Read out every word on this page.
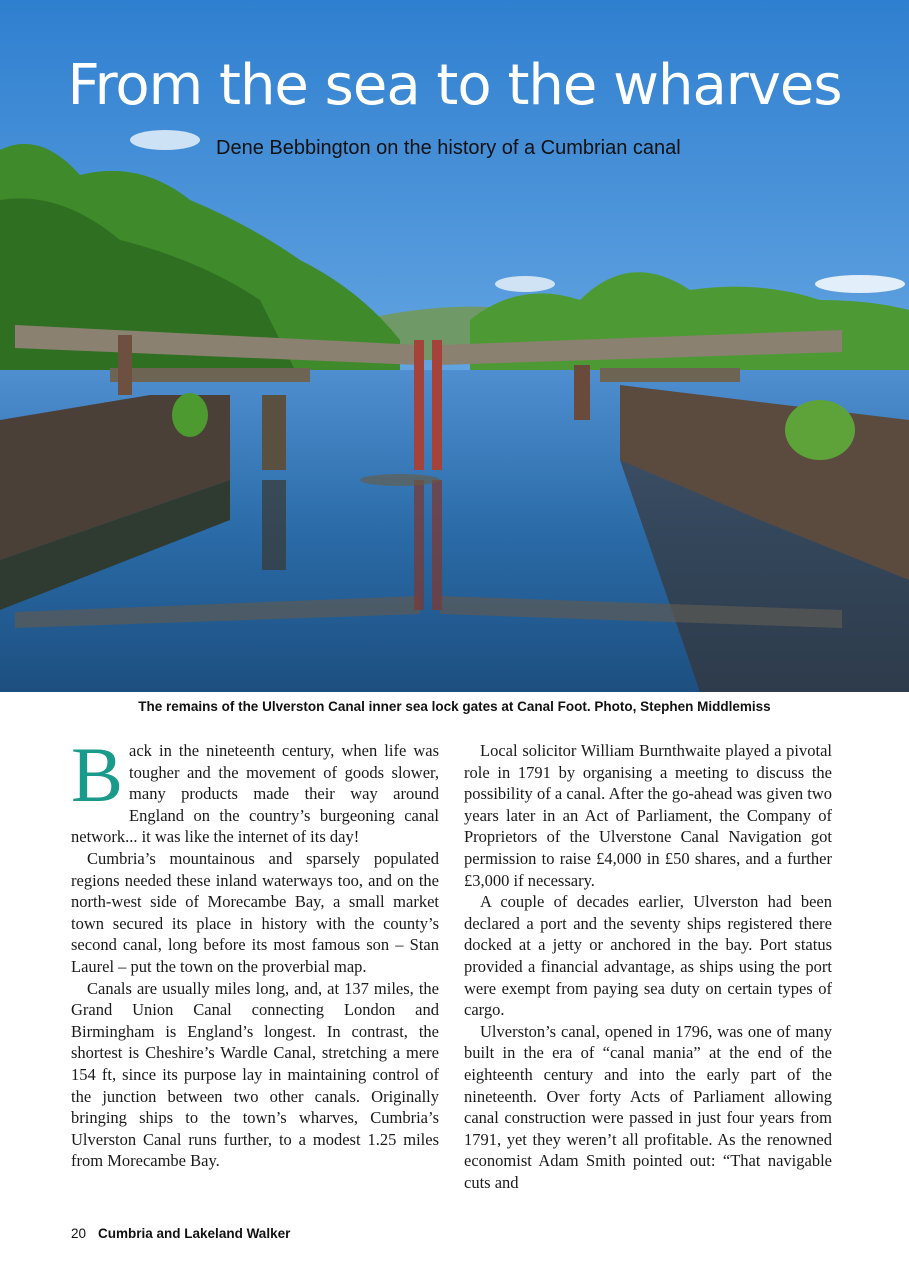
From the sea to the wharves
Dene Bebbington on the history of a Cumbrian canal
The remains of the Ulverston Canal inner sea lock gates at Canal Foot. Photo, Stephen Middlemiss

Back in the nineteenth century, when life was tougher and the movement of goods slower, many products made their way around England on the country’s burgeoning canal network... it was like the internet of its day!

Cumbria’s mountainous and sparsely populated regions needed these inland waterways too, and on the north-west side of Morecambe Bay, a small market town secured its place in history with the county’s second canal, long before its most famous son – Stan Laurel – put the town on the proverbial map.

Canals are usually miles long, and, at 137 miles, the Grand Union Canal connecting London and Birmingham is England’s longest. In contrast, the shortest is Cheshire’s Wardle Canal, stretching a mere 154 ft, since its purpose lay in maintaining control of the junction between two other canals. Originally bringing ships to the town’s wharves, Cumbria’s Ulverston Canal runs further, to a modest 1.25 miles from Morecambe Bay.

Local solicitor William Burnthwaite played a pivotal role in 1791 by organising a meeting to discuss the possibility of a canal. After the go-ahead was given two years later in an Act of Parliament, the Company of Proprietors of the Ulverstone Canal Navigation got permission to raise £4,000 in £50 shares, and a further £3,000 if necessary.

A couple of decades earlier, Ulverston had been declared a port and the seventy ships registered there docked at a jetty or anchored in the bay. Port status provided a financial advantage, as ships using the port were exempt from paying sea duty on certain types of cargo.

Ulverston’s canal, opened in 1796, was one of many built in the era of “canal mania” at the end of the eighteenth century and into the early part of the nineteenth. Over forty Acts of Parliament allowing canal construction were passed in just four years from 1791, yet they weren’t all profitable. As the renowned economist Adam Smith pointed out: “That navigable cuts and

20 Cumbria and Lakeland Walker
